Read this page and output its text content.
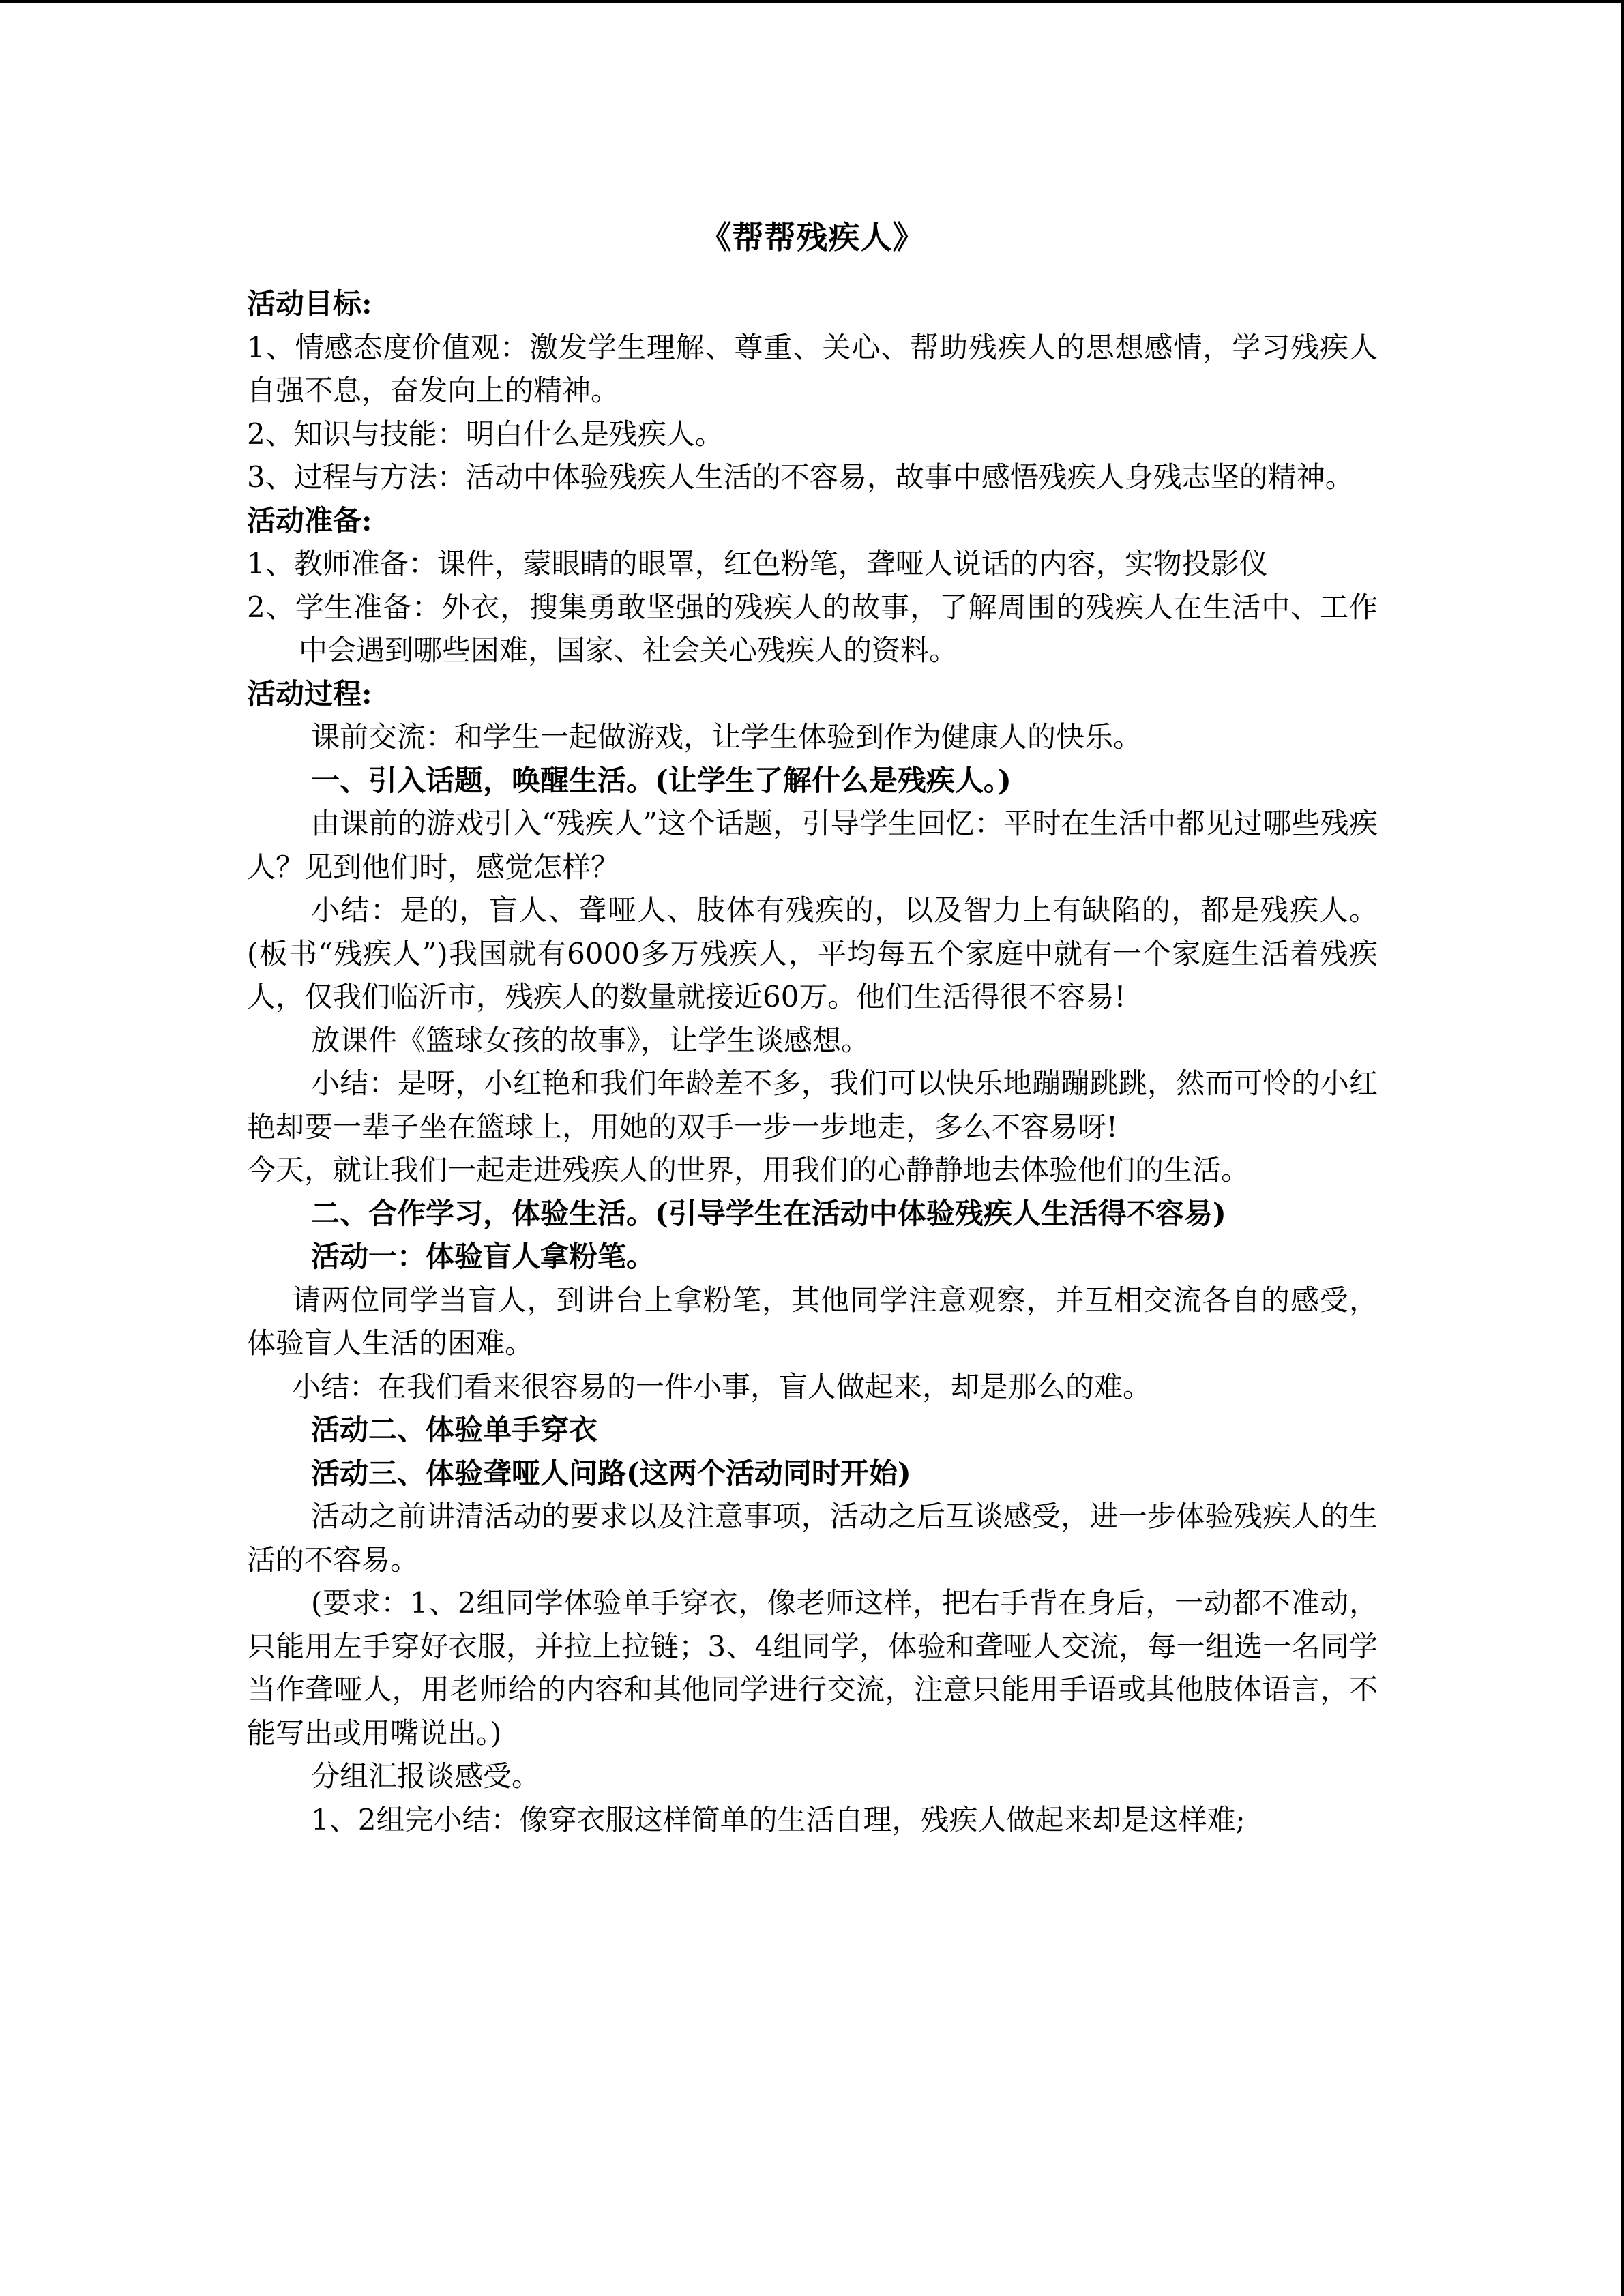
《帮帮残疾人》
活动目标:
1、情感态度价值观：激发学生理解、尊重、关心、帮助残疾人的思想感情，学习残疾人自强不息，奋发向上的精神。
2、知识与技能：明白什么是残疾人。
3、过程与方法：活动中体验残疾人生活的不容易，故事中感悟残疾人身残志坚的精神。
活动准备:
1、教师准备：课件，蒙眼睛的眼罩，红色粉笔，聋哑人说话的内容，实物投影仪
2、学生准备：外衣，搜集勇敢坚强的残疾人的故事，了解周围的残疾人在生活中、工作中会遇到哪些困难，国家、社会关心残疾人的资料。
活动过程:
课前交流：和学生一起做游戏，让学生体验到作为健康人的快乐。
一、引入话题，唤醒生活。(让学生了解什么是残疾人。)
由课前的游戏引入“残疾人”这个话题，引导学生回忆：平时在生活中都见过哪些残疾人？见到他们时，感觉怎样？
小结：是的，盲人、聋哑人、肢体有残疾的，以及智力上有缺陷的，都是残疾人。(板书“残疾人”)我国就有6000多万残疾人，平均每五个家庭中就有一个家庭生活着残疾人，仅我们临沂市，残疾人的数量就接近60万。他们生活得很不容易!
放课件《篮球女孩的故事》，让学生谈感想。
小结：是呀，小红艳和我们年龄差不多，我们可以快乐地蹦蹦跳跳，然而可怜的小红艳却要一辈子坐在篮球上，用她的双手一步一步地走，多么不容易呀!
今天，就让我们一起走进残疾人的世界，用我们的心静静地去体验他们的生活。
二、合作学习，体验生活。(引导学生在活动中体验残疾人生活得不容易)
活动一：体验盲人拿粉笔。
请两位同学当盲人，到讲台上拿粉笔，其他同学注意观察，并互相交流各自的感受，体验盲人生活的困难。
小结：在我们看来很容易的一件小事，盲人做起来，却是那么的难。
活动二、体验单手穿衣
活动三、体验聋哑人问路(这两个活动同时开始)
活动之前讲清活动的要求以及注意事项，活动之后互谈感受，进一步体验残疾人的生活的不容易。
(要求：1、2组同学体验单手穿衣，像老师这样，把右手背在身后，一动都不准动，只能用左手穿好衣服，并拉上拉链；3、4组同学，体验和聋哑人交流，每一组选一名同学当作聋哑人，用老师给的内容和其他同学进行交流，注意只能用手语或其他肢体语言，不能写出或用嘴说出。)
分组汇报谈感受。
1、2组完小结：像穿衣服这样简单的生活自理，残疾人做起来却是这样难;
